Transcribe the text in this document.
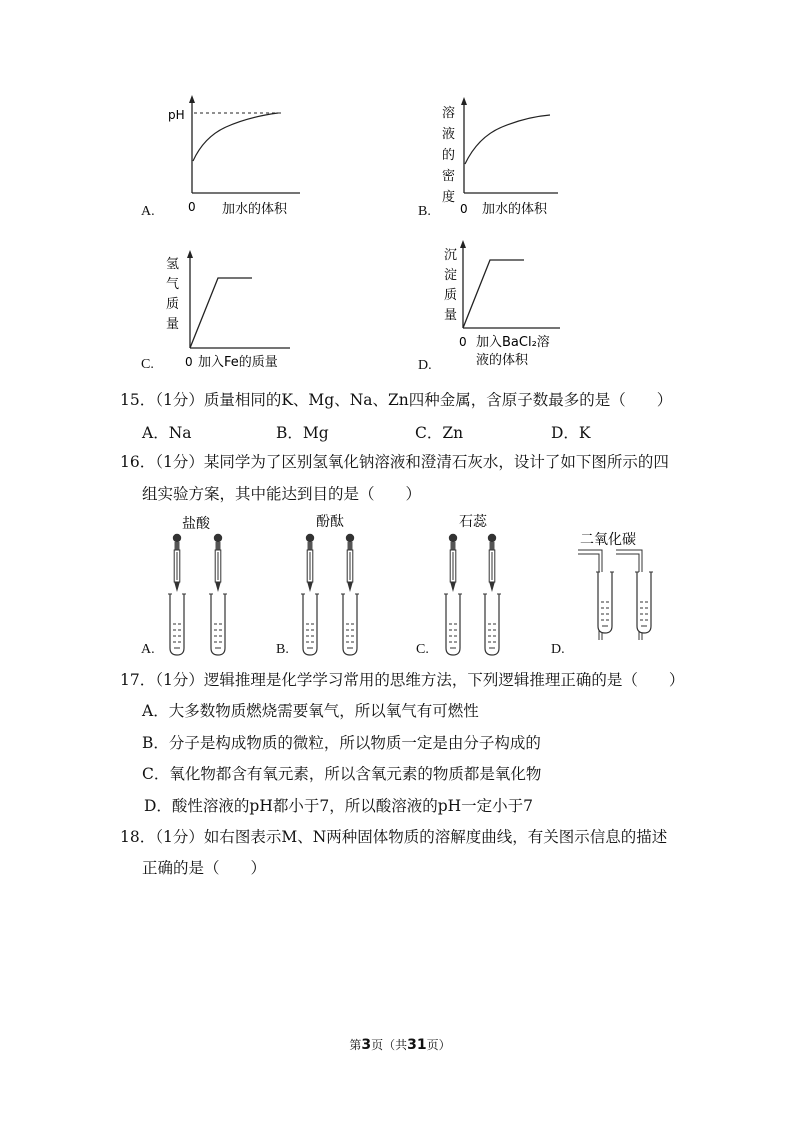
A.
pH
0 加水的体积	B.
溶 液 的 密 度
0 加水的体积
C.
氢 气 质 量
0 加入Fe的质量	D.
沉 淀 质 量
0 加入BaCl₂溶
液的体积
15．（1分）质量相同的K、Mg、Na、Zn四种金属，含原子数最多的是（　　）
A．Na	B．Mg	C．Zn	D．K
16．（1分）某同学为了区别氢氧化钠溶液和澄清石灰水，设计了如下图所示的四
组实验方案，其中能达到目的是（　　）
A.
盐酸
B.
酚酞
C.
石蕊
D.
二氧化碳
17．（1分）逻辑推理是化学学习常用的思维方法，下列逻辑推理正确的是（　　）
A．大多数物质燃烧需要氧气，所以氧气有可燃性
B．分子是构成物质的微粒，所以物质一定是由分子构成的
C．氧化物都含有氧元素，所以含氧元素的物质都是氧化物
D．酸性溶液的pH都小于7，所以酸溶液的pH一定小于7
18．（1分）如右图表示M、N两种固体物质的溶解度曲线，有关图示信息的描述
正确的是（　　）
第3页（共31页）
